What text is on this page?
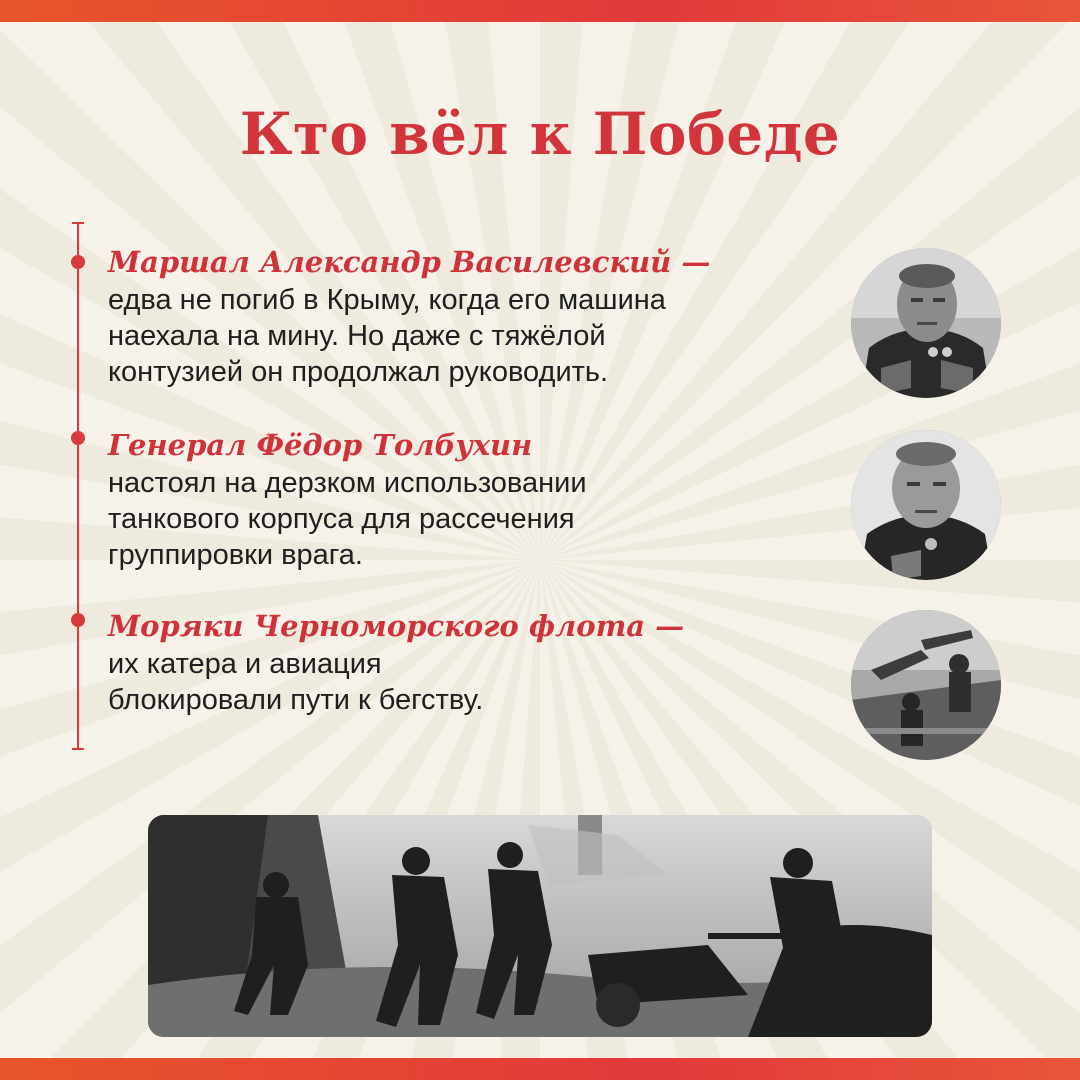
Кто вёл к Победе
Маршал Александр Василевский —
едва не погиб в Крыму, когда его машина
наехала на мину. Но даже с тяжёлой
контузией он продолжал руководить.
Генерал Фёдор Толбухин
настоял на дерзком использовании
танкового корпуса для рассечения
группировки врага.
Моряки Черноморского флота —
их катера и авиация
блокировали пути к бегству.
